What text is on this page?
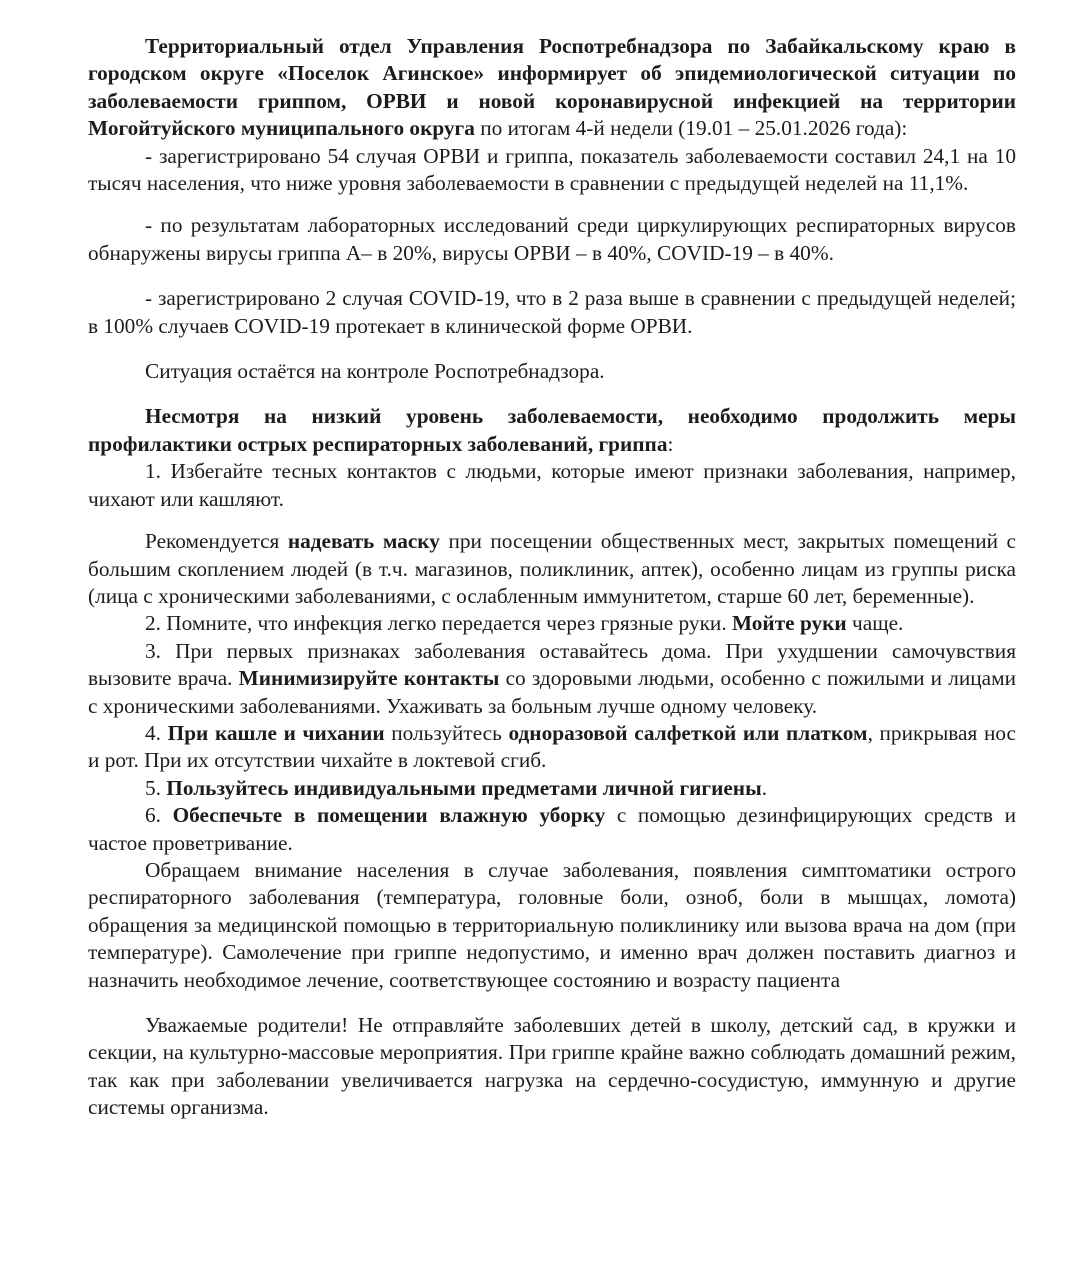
Территориальный отдел Управления Роспотребнадзора по Забайкальскому краю в городском округе «Поселок Агинское» информирует об эпидемиологической ситуации по заболеваемости гриппом, ОРВИ и новой коронавирусной инфекцией на территории Могойтуйского муниципального округа по итогам 4-й недели (19.01 – 25.01.2026 года):

- зарегистрировано 54 случая ОРВИ и гриппа, показатель заболеваемости составил 24,1 на 10 тысяч населения, что ниже уровня заболеваемости в сравнении с предыдущей неделей на 11,1%.

- по результатам лабораторных исследований среди циркулирующих респираторных вирусов обнаружены вирусы гриппа А– в 20%, вирусы ОРВИ – в 40%, COVID-19 – в 40%.

- зарегистрировано 2 случая COVID-19, что в 2 раза выше в сравнении с предыдущей неделей; в 100% случаев COVID-19 протекает в клинической форме ОРВИ.

Ситуация остаётся на контроле Роспотребнадзора.

Несмотря на низкий уровень заболеваемости, необходимо продолжить меры профилактики острых респираторных заболеваний, гриппа:

1. Избегайте тесных контактов с людьми, которые имеют признаки заболевания, например, чихают или кашляют.

Рекомендуется надевать маску при посещении общественных мест, закрытых помещений с большим скоплением людей (в т.ч. магазинов, поликлиник, аптек), особенно лицам из группы риска (лица с хроническими заболеваниями, с ослабленным иммунитетом, старше 60 лет, беременные).

2. Помните, что инфекция легко передается через грязные руки. Мойте руки чаще.

3. При первых признаках заболевания оставайтесь дома. При ухудшении самочувствия вызовите врача. Минимизируйте контакты со здоровыми людьми, особенно с пожилыми и лицами с хроническими заболеваниями. Ухаживать за больным лучше одному человеку.

4. При кашле и чихании пользуйтесь одноразовой салфеткой или платком, прикрывая нос и рот. При их отсутствии чихайте в локтевой сгиб.

5. Пользуйтесь индивидуальными предметами личной гигиены.

6. Обеспечьте в помещении влажную уборку с помощью дезинфицирующих средств и частое проветривание.

Обращаем внимание населения в случае заболевания, появления симптоматики острого респираторного заболевания (температура, головные боли, озноб, боли в мышцах, ломота) обращения за медицинской помощью в территориальную поликлинику или вызова врача на дом (при температуре). Самолечение при гриппе недопустимо, и именно врач должен поставить диагноз и назначить необходимое лечение, соответствующее состоянию и возрасту пациента

Уважаемые родители! Не отправляйте заболевших детей в школу, детский сад, в кружки и секции, на культурно-массовые мероприятия. При гриппе крайне важно соблюдать домашний режим, так как при заболевании увеличивается нагрузка на сердечно-сосудистую, иммунную и другие системы организма.
